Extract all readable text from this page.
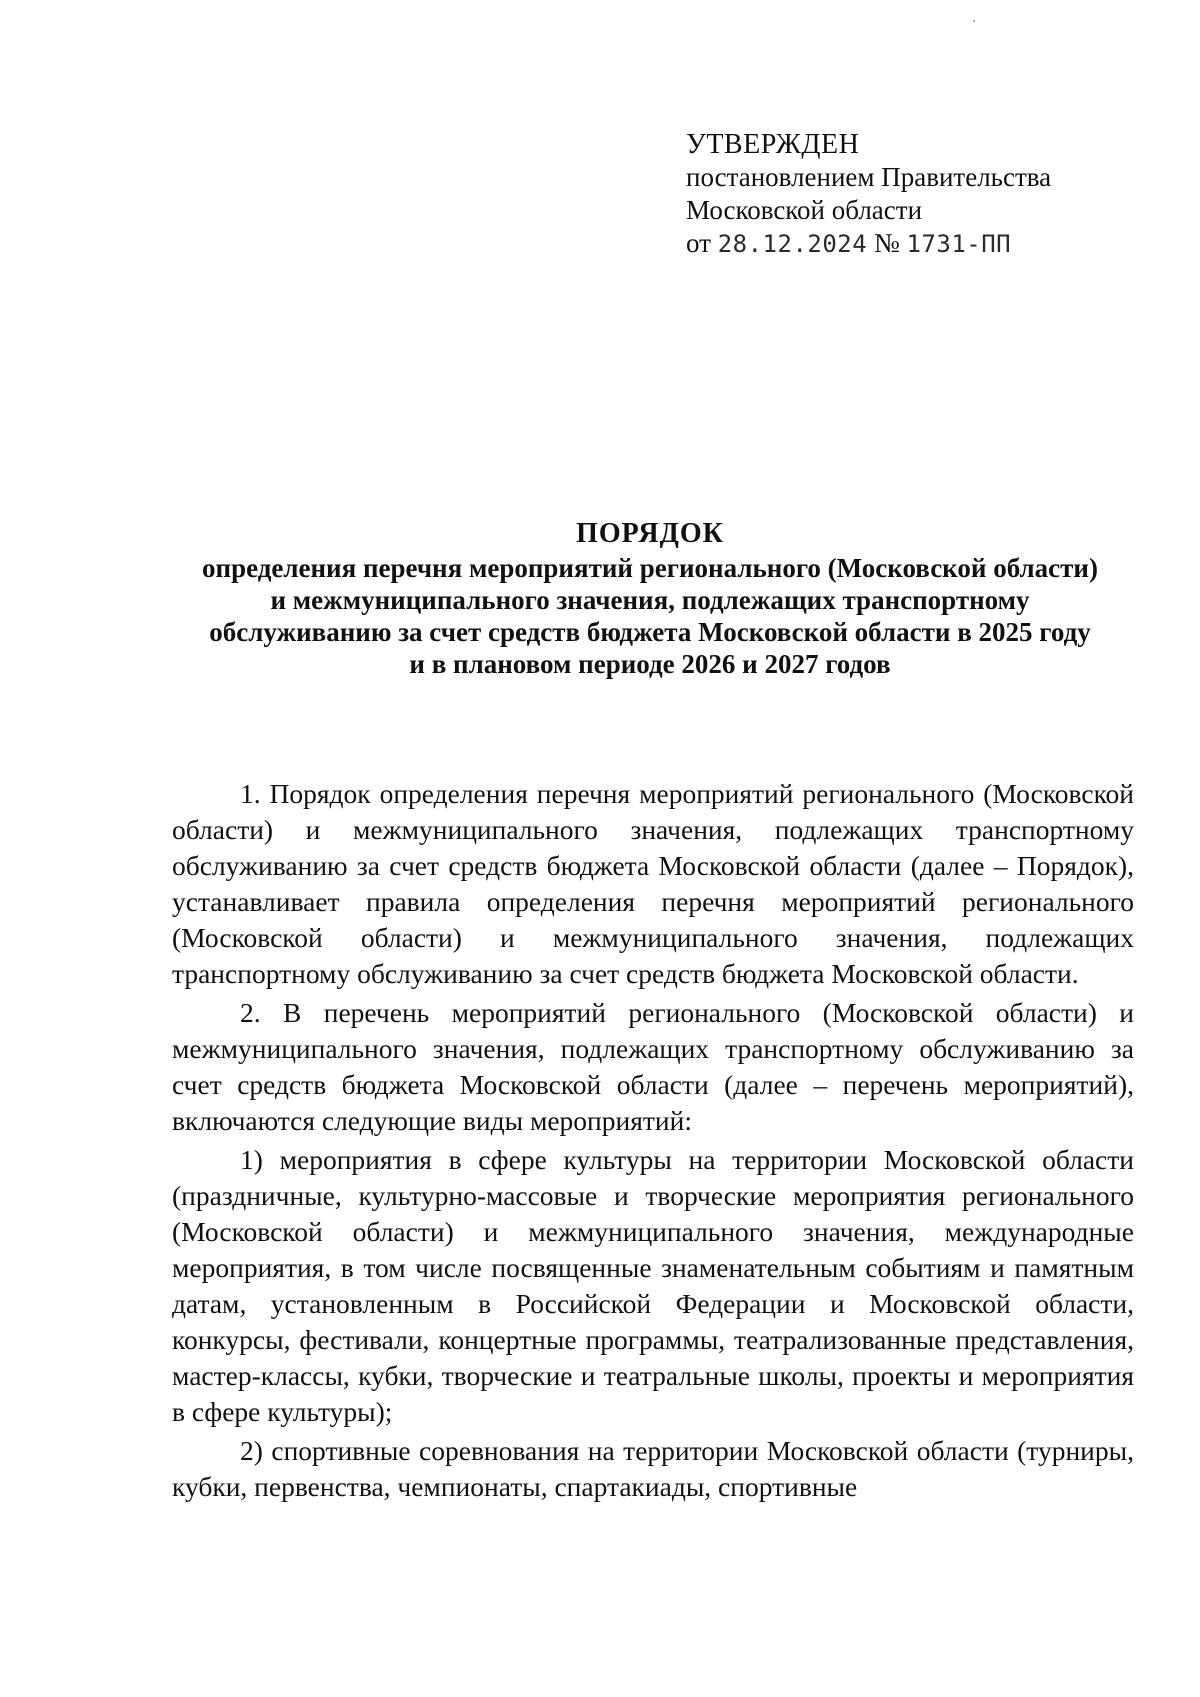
УТВЕРЖДЕН
постановлением Правительства
Московской области
от 28.12.2024 № 1731-ПП
ПОРЯДОК
определения перечня мероприятий регионального (Московской области)
и межмуниципального значения, подлежащих транспортному
обслуживанию за счет средств бюджета Московской области в 2025 году
и в плановом периоде 2026 и 2027 годов

1. Порядок определения перечня мероприятий регионального (Московской области) и межмуниципального значения, подлежащих транспортному обслуживанию за счет средств бюджета Московской области (далее – Порядок), устанавливает правила определения перечня мероприятий регионального (Московской области) и межмуниципального значения, подлежащих транспортному обслуживанию за счет средств бюджета Московской области.

2. В перечень мероприятий регионального (Московской области) и межмуниципального значения, подлежащих транспортному обслуживанию за счет средств бюджета Московской области (далее – перечень мероприятий), включаются следующие виды мероприятий:

1) мероприятия в сфере культуры на территории Московской области (праздничные, культурно-массовые и творческие мероприятия регионального (Московской области) и межмуниципального значения, международные мероприятия, в том числе посвященные знаменательным событиям и памятным датам, установленным в Российской Федерации и Московской области, конкурсы, фестивали, концертные программы, театрализованные представления, мастер-классы, кубки, творческие и театральные школы, проекты и мероприятия в сфере культуры);

2) спортивные соревнования на территории Московской области (турниры, кубки, первенства, чемпионаты, спартакиады, спортивные
